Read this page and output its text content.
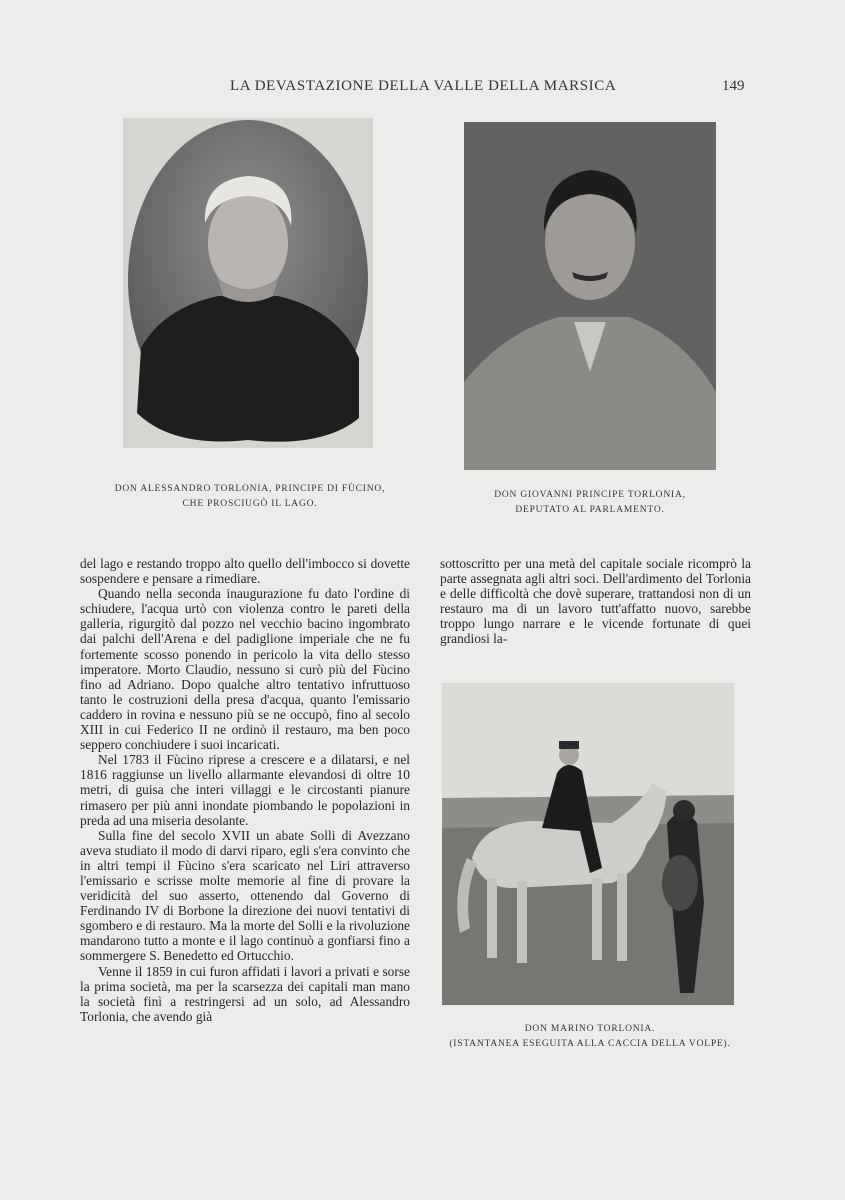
LA DEVASTAZIONE DELLA VALLE DELLA MARSICA	149
DON ALESSANDRO TORLONIA, PRINCIPE DI FÙCINO,
CHE PROSCIUGÒ IL LAGO.
DON GIOVANNI PRINCIPE TORLONIA,
DEPUTATO AL PARLAMENTO.

del lago e restando troppo alto quello dell'imbocco si dovette sospendere e pensare a rimediare.

Quando nella seconda inaugurazione fu dato l'ordine di schiudere, l'acqua urtò con violenza contro le pareti della galleria, rigurgitò dal pozzo nel vecchio bacino ingombrato dai palchi dell'Arena e del padiglione imperiale che ne fu fortemente scosso ponendo in pericolo la vita dello stesso imperatore. Morto Claudio, nessuno si curò più del Fùcino fino ad Adriano. Dopo qualche altro tentativo infruttuoso tanto le costruzioni della presa d'acqua, quanto l'emissario caddero in rovina e nessuno più se ne occupò, fino al secolo XIII in cui Federico II ne ordinò il restauro, ma ben poco seppero conchiudere i suoi incaricati.

Nel 1783 il Fùcino riprese a crescere e a dilatarsi, e nel 1816 raggiunse un livello allarmante elevandosi di oltre 10 metri, di guisa che interi villaggi e le circostanti pianure rimasero per più anni inondate piombando le popolazioni in preda ad una miseria desolante.

Sulla fine del secolo XVII un abate Solli di Avezzano aveva studiato il modo di darvi riparo, egli s'era convinto che in altri tempi il Fùcino s'era scaricato nel Liri attraverso l'emissario e scrisse molte memorie al fine di provare la veridicità del suo asserto, ottenendo dal Governo di Ferdinando IV di Borbone la direzione dei nuovi tentativi di sgombero e di restauro. Ma la morte del Solli e la rivoluzione mandarono tutto a monte e il lago continuò a gonfiarsi fino a sommergere S. Benedetto ed Ortucchio.

Venne il 1859 in cui furon affidati i lavori a privati e sorse la prima società, ma per la scarsezza dei capitali man mano la società finì a restringersi ad un solo, ad Alessandro Torlonia, che avendo già

sottoscritto per una metà del capitale sociale ricomprò la parte assegnata agli altri soci. Dell'ardimento del Torlonia e delle difficoltà che dovè superare, trattandosi non di un restauro ma di un lavoro tutt'affatto nuovo, sarebbe troppo lungo narrare e le vicende fortunate di quei grandiosi la-

DON MARINO TORLONIA.
(ISTANTANEA ESEGUITA ALLA CACCIA DELLA VOLPE).
